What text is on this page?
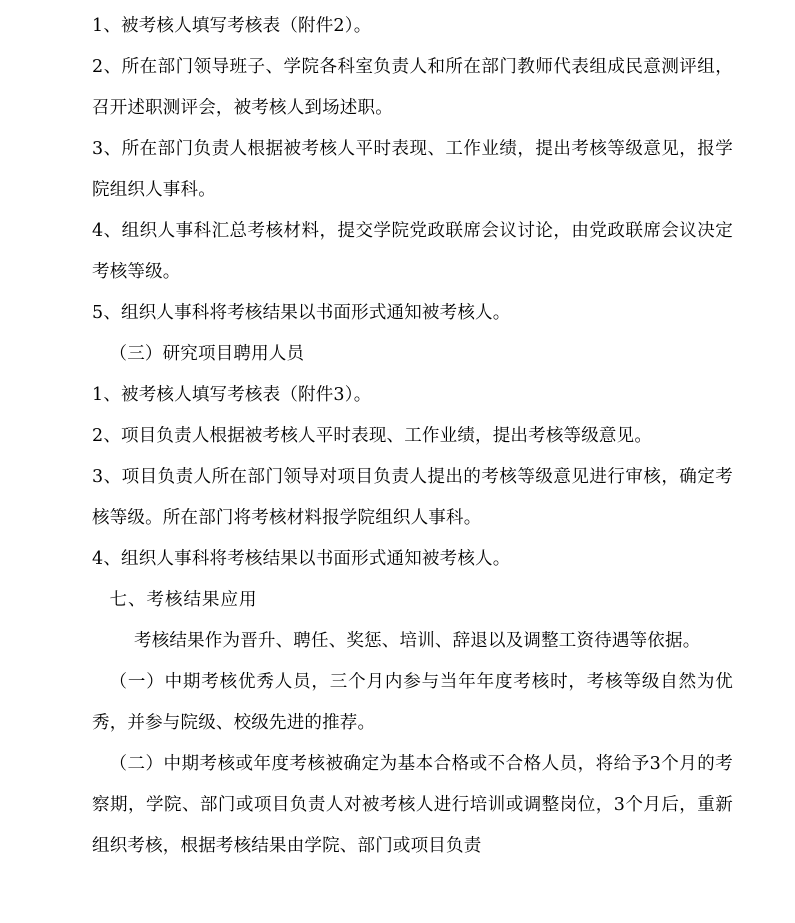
1、被考核人填写考核表（附件2）。

2、所在部门领导班子、学院各科室负责人和所在部门教师代表组成民意测评组，召开述职测评会，被考核人到场述职。

3、所在部门负责人根据被考核人平时表现、工作业绩，提出考核等级意见，报学院组织人事科。

4、组织人事科汇总考核材料，提交学院党政联席会议讨论，由党政联席会议决定考核等级。

5、组织人事科将考核结果以书面形式通知被考核人。

（三）研究项目聘用人员

1、被考核人填写考核表（附件3）。

2、项目负责人根据被考核人平时表现、工作业绩，提出考核等级意见。

3、项目负责人所在部门领导对项目负责人提出的考核等级意见进行审核，确定考核等级。所在部门将考核材料报学院组织人事科。

4、组织人事科将考核结果以书面形式通知被考核人。

七、考核结果应用

考核结果作为晋升、聘任、奖惩、培训、辞退以及调整工资待遇等依据。

（一）中期考核优秀人员，三个月内参与当年年度考核时，考核等级自然为优秀，并参与院级、校级先进的推荐。

（二）中期考核或年度考核被确定为基本合格或不合格人员，将给予3个月的考察期，学院、部门或项目负责人对被考核人进行培训或调整岗位，3个月后，重新组织考核，根据考核结果由学院、部门或项目负责
